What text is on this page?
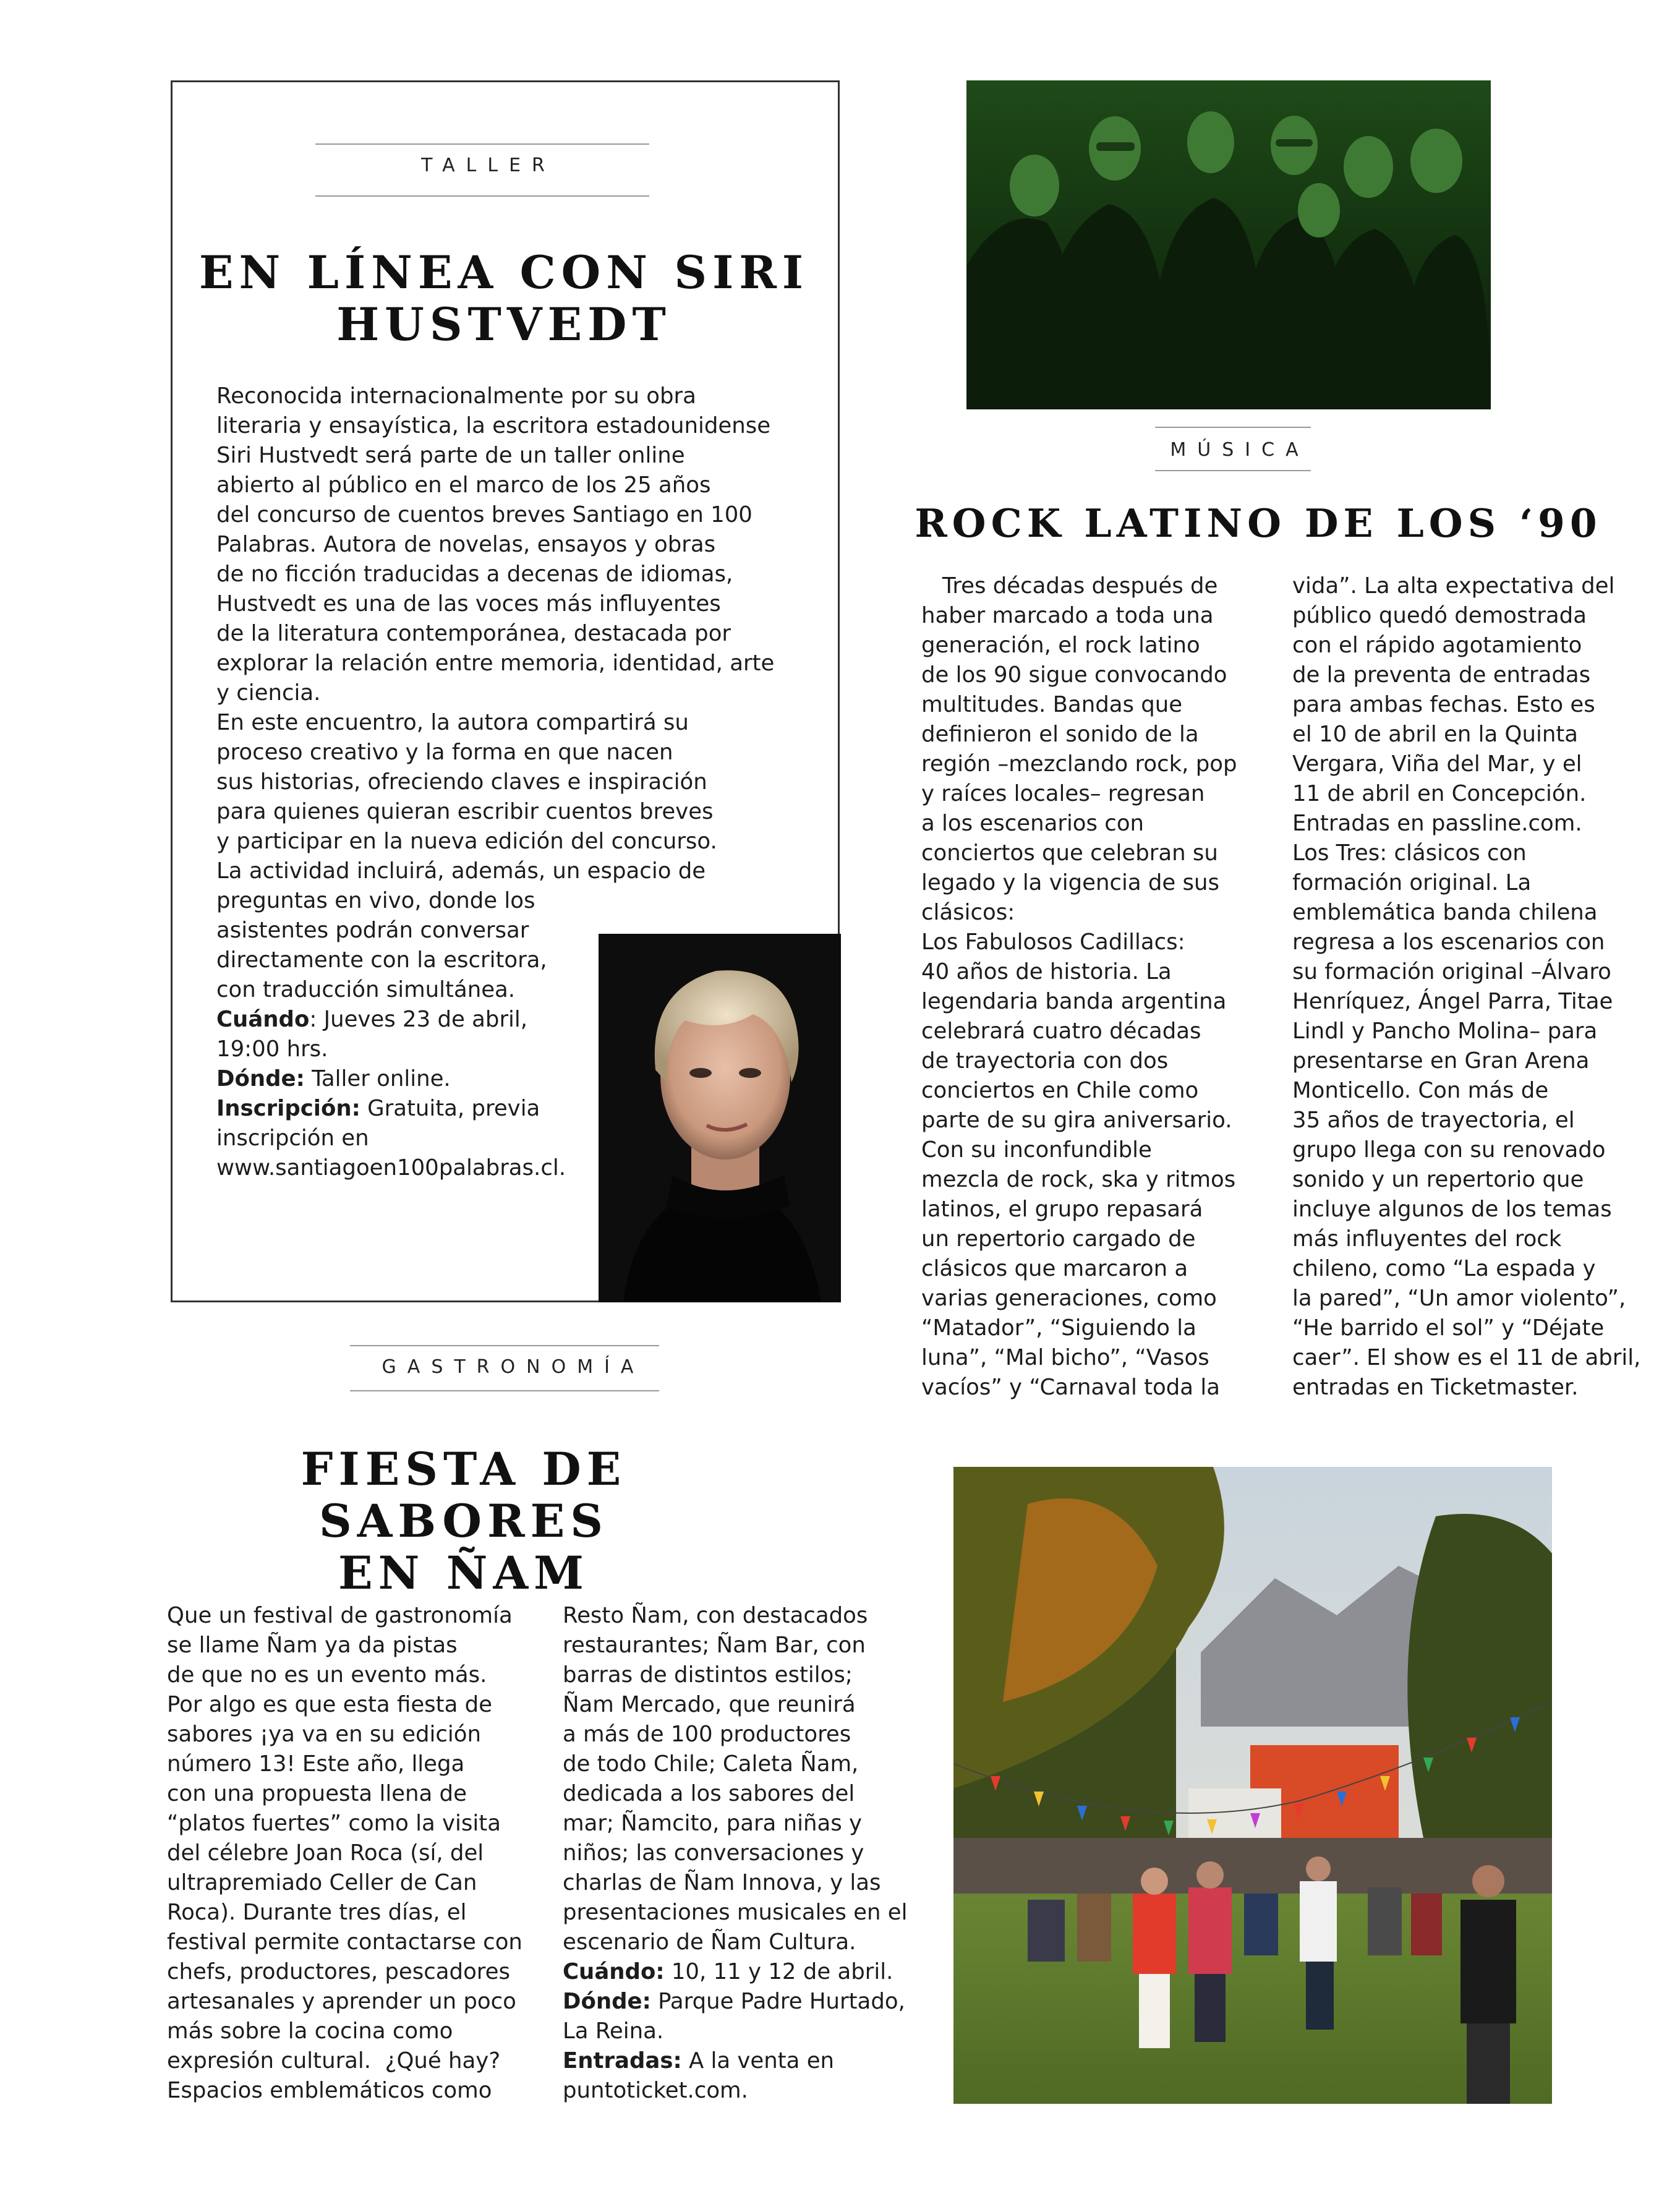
TALLER
EN LÍNEA CON SIRI
HUSTVEDT

Reconocida internacionalmente por su obra

literaria y ensayística, la escritora estadounidense

Siri Hustvedt será parte de un taller online

abierto al público en el marco de los 25 años

del concurso de cuentos breves Santiago en 100

Palabras. Autora de novelas, ensayos y obras

de no ficción traducidas a decenas de idiomas,

Hustvedt es una de las voces más influyentes

de la literatura contemporánea, destacada por

explorar la relación entre memoria, identidad, arte

y ciencia.

En este encuentro, la autora compartirá su

proceso creativo y la forma en que nacen

sus historias, ofreciendo claves e inspiración

para quienes quieran escribir cuentos breves

y participar en la nueva edición del concurso.

La actividad incluirá, además, un espacio de

preguntas en vivo, donde los

asistentes podrán conversar

directamente con la escritora,

con traducción simultánea.

Cuándo: Jueves 23 de abril,

19:00 hrs.

Dónde: Taller online.

Inscripción: Gratuita, previa

inscripción en

www.santiagoen100palabras.cl.

MÚSICA
ROCK LATINO DE LOS ‘90

Tres décadas después de

haber marcado a toda una

generación, el rock latino

de los 90 sigue convocando

multitudes. Bandas que

definieron el sonido de la

región –mezclando rock, pop

y raíces locales– regresan

a los escenarios con

conciertos que celebran su

legado y la vigencia de sus

clásicos:

Los Fabulosos Cadillacs:

40 años de historia. La

legendaria banda argentina

celebrará cuatro décadas

de trayectoria con dos

conciertos en Chile como

parte de su gira aniversario.

Con su inconfundible

mezcla de rock, ska y ritmos

latinos, el grupo repasará

un repertorio cargado de

clásicos que marcaron a

varias generaciones, como

“Matador”, “Siguiendo la

luna”, “Mal bicho”, “Vasos

vacíos” y “Carnaval toda la

vida”. La alta expectativa del

público quedó demostrada

con el rápido agotamiento

de la preventa de entradas

para ambas fechas. Esto es

el 10 de abril en la Quinta

Vergara, Viña del Mar, y el

11 de abril en Concepción.

Entradas en passline.com.

Los Tres: clásicos con

formación original. La

emblemática banda chilena

regresa a los escenarios con

su formación original –Álvaro

Henríquez, Ángel Parra, Titae

Lindl y Pancho Molina– para

presentarse en Gran Arena

Monticello. Con más de

35 años de trayectoria, el

grupo llega con su renovado

sonido y un repertorio que

incluye algunos de los temas

más influyentes del rock

chileno, como “La espada y

la pared”, “Un amor violento”,

“He barrido el sol” y “Déjate

caer”. El show es el 11 de abril,

entradas en Ticketmaster.

GASTRONOMÍA
FIESTA DE SABORES
EN ÑAM

Que un festival de gastronomía

se llame Ñam ya da pistas

de que no es un evento más.

Por algo es que esta fiesta de

sabores ¡ya va en su edición

número 13! Este año, llega

con una propuesta llena de

“platos fuertes” como la visita

del célebre Joan Roca (sí, del

ultrapremiado Celler de Can

Roca). Durante tres días, el

festival permite contactarse con

chefs, productores, pescadores

artesanales y aprender un poco

más sobre la cocina como

expresión cultural.  ¿Qué hay?

Espacios emblemáticos como

Resto Ñam, con destacados

restaurantes; Ñam Bar, con

barras de distintos estilos;

Ñam Mercado, que reunirá

a más de 100 productores

de todo Chile; Caleta Ñam,

dedicada a los sabores del

mar; Ñamcito, para niñas y

niños; las conversaciones y

charlas de Ñam Innova, y las

presentaciones musicales en el

escenario de Ñam Cultura.

Cuándo: 10, 11 y 12 de abril.

Dónde: Parque Padre Hurtado,

La Reina.

Entradas: A la venta en

puntoticket.com.
